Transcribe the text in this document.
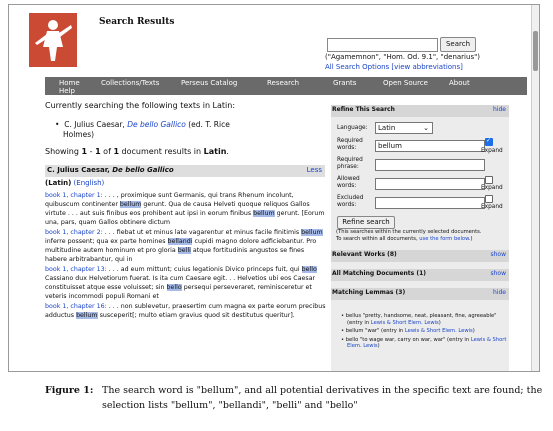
Search Results
Search
("Agamemnon", "Hom. Od. 9.1", "denarius")
All Search Options [view abbreviations]
Home
Help
Collections/Texts	Perseus Catalog	Research	Grants	Open Source	About
Currently searching the following texts in Latin:
•  C. Julius Caesar, De bello Gallico (ed. T. Rice
Holmes)
Showing 1 - 1 of 1 document results in Latin.
C. Julius Caesar, De bello Gallico	Less
(Latin) (English)
book 1, chapter 1: . . . , proximique sunt Germanis, qui trans Rhenum incolunt, quibuscum continenter bellum gerunt. Qua de causa Helveti quoque reliquos Gallos virtute . . . aut suis finibus eos prohibent aut ipsi in eorum finibus bellum gerunt. [Eorum una, pars, quam Gallos obtinere dictum
book 1, chapter 2: . . . fiebat ut et minus late vagarentur et minus facile finitimis bellum inferre possent; qua ex parte homines bellandi cupidi magno dolore adficiebantur. Pro multitudine autem hominum et pro gloria belli atque fortitudinis angustos se fines habere arbitrabantur, qui in
book 1, chapter 13: . . . ad eum mittunt; cuius legationis Divico princeps fuit, qui bello Cassiano dux Helvetiorum fuerat. Is ita cum Caesare egit. . . Helvetios ubi eos Caesar constituisset atque esse voluisset; sin bello persequi perseveraret, reminisceretur et veteris incommodi populi Romani et
book 1, chapter 16: . . . non sublevetur, praesertim cum magna ex parte eorum precibus adductus bellum susceperit[; multo etiam gravius quod sit destitutus queritur].
Refine This Search	hide
Language:	Latin	⌄
Required
words:	bellum
✓
Expand
Required
phrase:
Allowed
words:	Expand
Excluded
words:	Expand
Refine search
(This searches within the currently selected documents.
To search within all documents, use the form below.)
Relevant Works (8)	show
All Matching Documents (1)	show
Matching Lemmas (3)	hide
• bellus "pretty, handsome, neat, pleasant, fine, agreeable" (entry in Lewis & Short Elem. Lewis)
• bellum "war" (entry in Lewis & Short Elem. Lewis)
• bello "to wage war, carry on war, war" (entry in Lewis & Short Elem. Lewis)
Figure 1: The search word is "bellum", and all potential derivatives in the specific text are found; the selection lists "bellum", "bellandi", "belli" and "bello"
